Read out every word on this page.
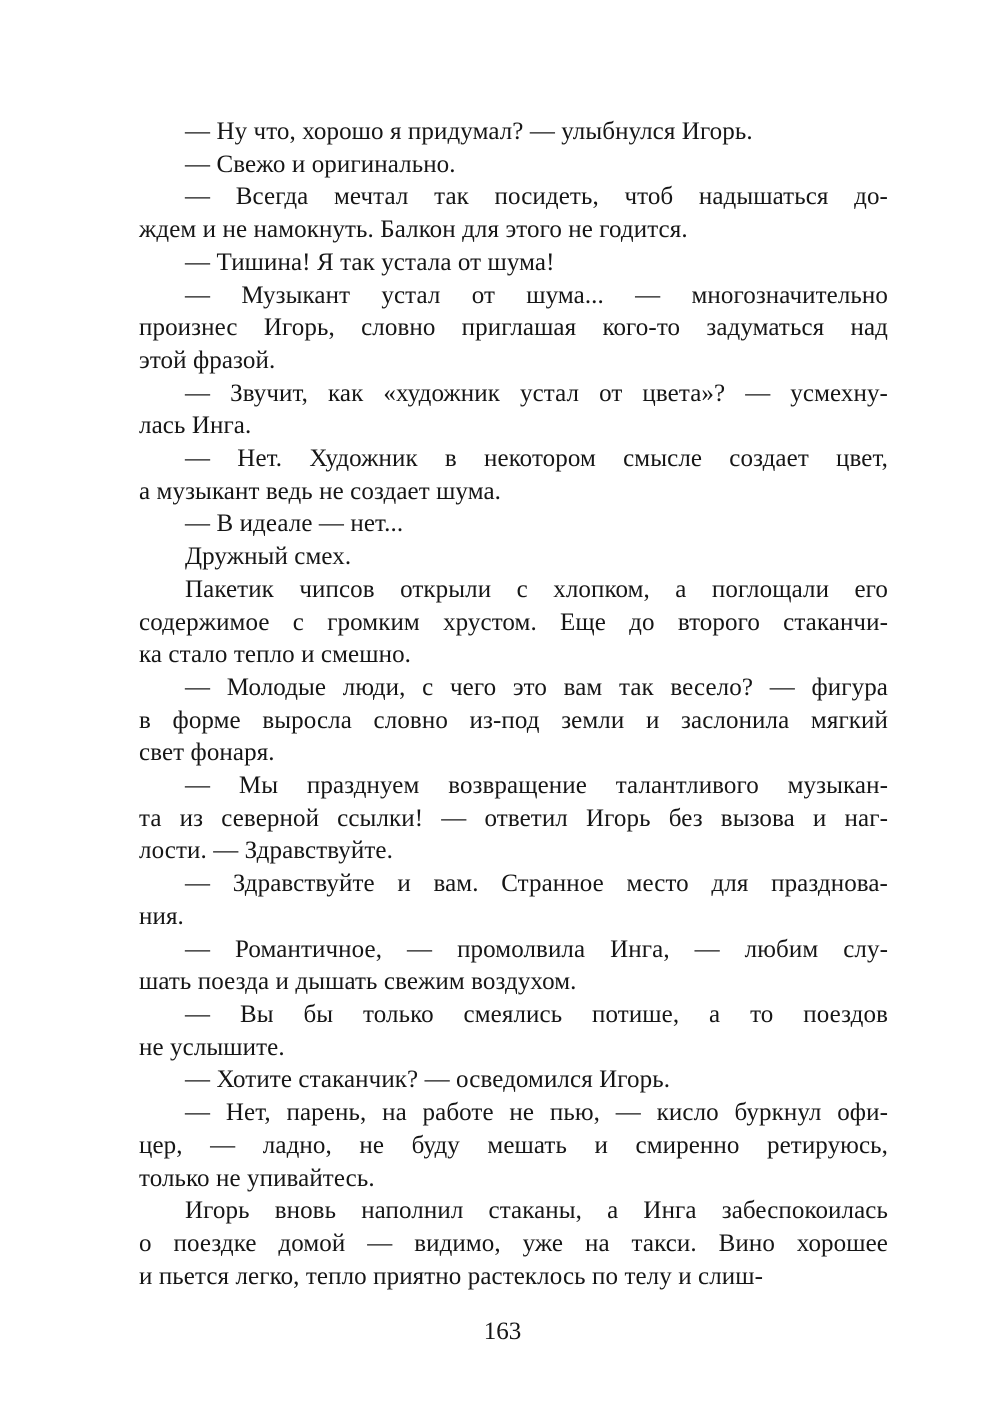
— Ну что, хорошо я придумал? — улыбнулся Игорь.
— Свежо и оригинально.
— Всегда мечтал так посидеть, чтоб надышаться до-
ждем и не намокнуть. Балкон для этого не годится.
— Тишина! Я так устала от шума!
— Музыкант устал от шума... — многозначительно
произнес Игорь, словно приглашая кого-то задуматься над
этой фразой.
— Звучит, как «художник устал от цвета»? — усмехну-
лась Инга.
— Нет. Художник в некотором смысле создает цвет,
а музыкант ведь не создает шума.
— В идеале — нет...
Дружный смех.
Пакетик чипсов открыли с хлопком, а поглощали его
содержимое с громким хрустом. Еще до второго стаканчи-
ка стало тепло и смешно.
— Молодые люди, с чего это вам так весело? — фигура
в форме выросла словно из-под земли и заслонила мягкий
свет фонаря.
— Мы празднуем возвращение талантливого музыкан-
та из северной ссылки! — ответил Игорь без вызова и наг-
лости. — Здравствуйте.
— Здравствуйте и вам. Странное место для празднова-
ния.
— Романтичное, — промолвила Инга, — любим слу-
шать поезда и дышать свежим воздухом.
— Вы бы только смеялись потише, а то поездов
не услышите.
— Хотите стаканчик? — осведомился Игорь.
— Нет, парень, на работе не пью, — кисло буркнул офи-
цер, — ладно, не буду мешать и смиренно ретируюсь,
только не упивайтесь.
Игорь вновь наполнил стаканы, а Инга забеспокоилась
о поездке домой — видимо, уже на такси. Вино хорошее
и пьется легко, тепло приятно растеклось по телу и слиш-
163
